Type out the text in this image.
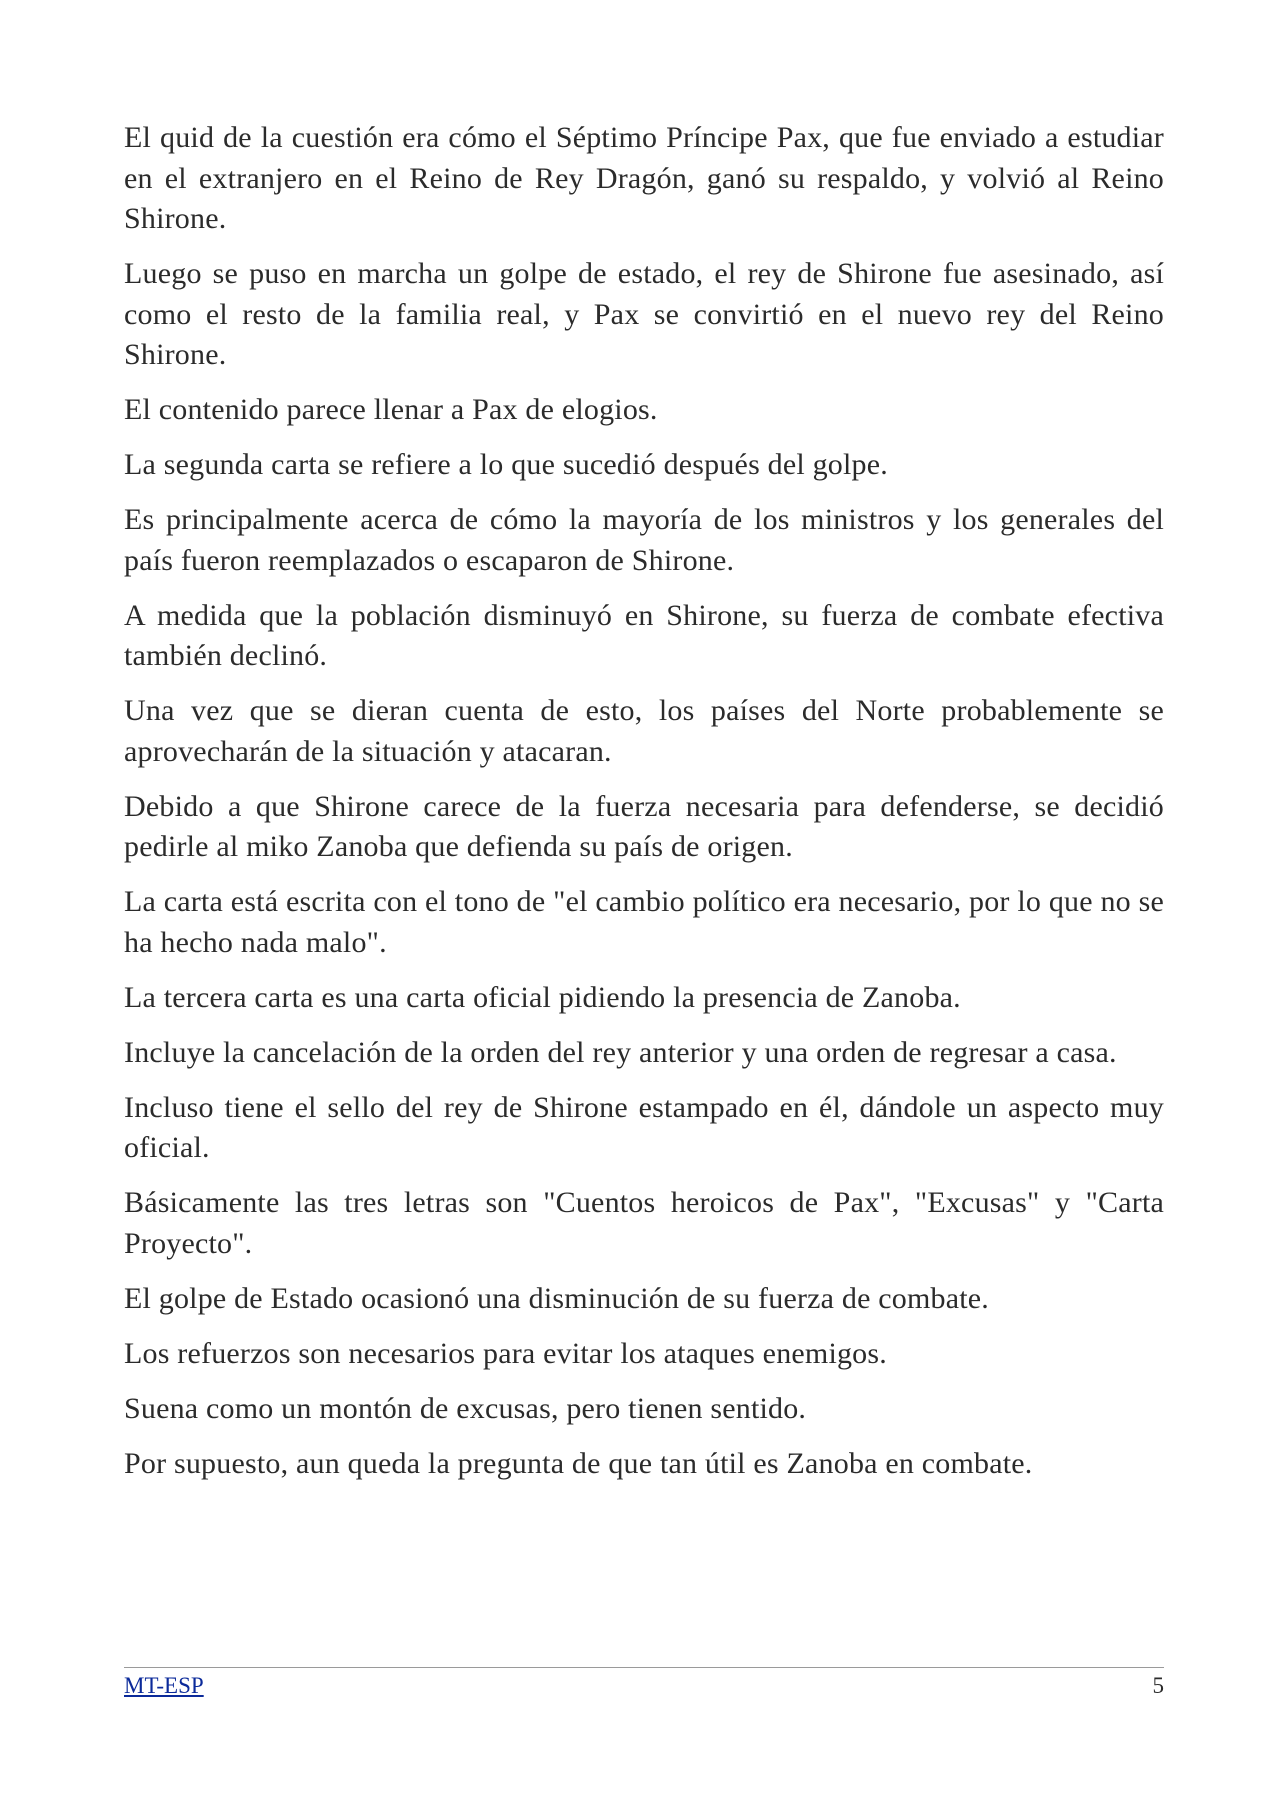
El quid de la cuestión era cómo el Séptimo Príncipe Pax, que fue enviado a estudiar en el extranjero en el Reino de Rey Dragón, ganó su respaldo, y volvió al Reino Shirone.

Luego se puso en marcha un golpe de estado, el rey de Shirone fue asesinado, así como el resto de la familia real, y Pax se convirtió en el nuevo rey del Reino Shirone.

El contenido parece llenar a Pax de elogios.

La segunda carta se refiere a lo que sucedió después del golpe.

Es principalmente acerca de cómo la mayoría de los ministros y los generales del país fueron reemplazados o escaparon de Shirone.

A medida que la población disminuyó en Shirone, su fuerza de combate efectiva también declinó.

Una vez que se dieran cuenta de esto, los países del Norte probablemente se aprovecharán de la situación y atacaran.

Debido a que Shirone carece de la fuerza necesaria para defenderse, se decidió pedirle al miko Zanoba que defienda su país de origen.

La carta está escrita con el tono de "el cambio político era necesario, por lo que no se ha hecho nada malo".

La tercera carta es una carta oficial pidiendo la presencia de Zanoba.

Incluye la cancelación de la orden del rey anterior y una orden de regresar a casa.

Incluso tiene el sello del rey de Shirone estampado en él, dándole un aspecto muy oficial.

Básicamente las tres letras son "Cuentos heroicos de Pax", "Excusas" y "Carta Proyecto".

El golpe de Estado ocasionó una disminución de su fuerza de combate.

Los refuerzos son necesarios para evitar los ataques enemigos.

Suena como un montón de excusas, pero tienen sentido.

Por supuesto, aun queda la pregunta de que tan útil es Zanoba en combate.

MT-ESP	5
